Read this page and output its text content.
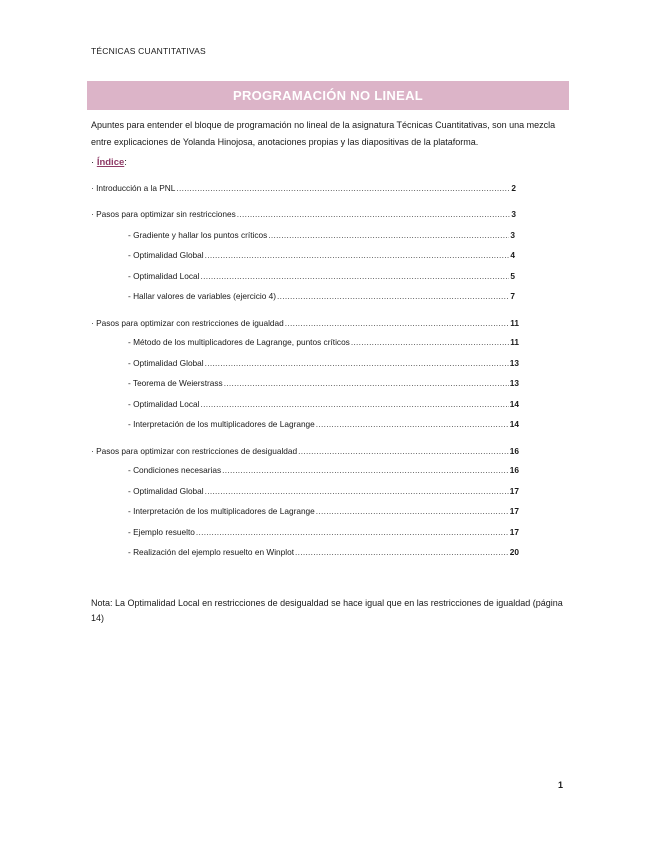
TÉCNICAS CUANTITATIVAS
PROGRAMACIÓN NO LINEAL
Apuntes para entender el bloque de programación no lineal de la asignatura Técnicas Cuantitativas, son una mezcla entre explicaciones de Yolanda Hinojosa, anotaciones propias y las diapositivas de la plataforma.
· Índice:
· Introducción a la PNL .....	2
· Pasos para optimizar sin restricciones .....	3
- Gradiente y hallar los puntos críticos .....	3
- Optimalidad Global .....	4
- Optimalidad Local .....	5
- Hallar valores de variables (ejercicio 4) .....	7
· Pasos para optimizar con restricciones de igualdad .....	11
- Método de los multiplicadores de Lagrange, puntos críticos .....	11
- Optimalidad Global .....	13
- Teorema de Weierstrass .....	13
- Optimalidad Local .....	14
- Interpretación de los multiplicadores de Lagrange .....	14
· Pasos para optimizar con restricciones de desigualdad .....	16
- Condiciones necesarias .....	16
- Optimalidad Global .....	17
- Interpretación de los multiplicadores de Lagrange .....	17
- Ejemplo resuelto .....	17
- Realización del ejemplo resuelto en Winplot .....	20
Nota: La Optimalidad Local en restricciones de desigualdad se hace igual que en las restricciones de igualdad (página 14)
1
